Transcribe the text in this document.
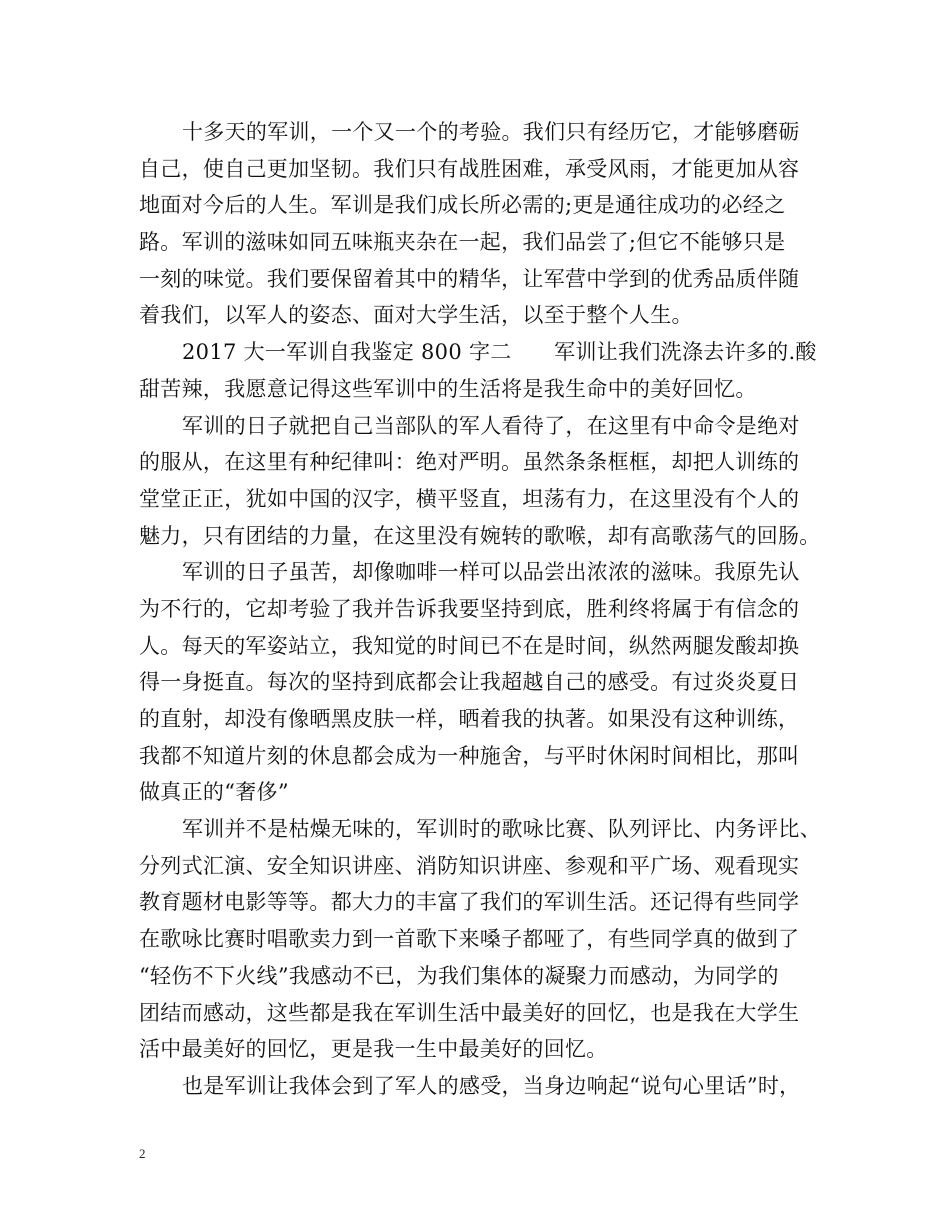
十多天的军训，一个又一个的考验。我们只有经历它，才能够磨砺
自己，使自己更加坚韧。我们只有战胜困难，承受风雨，才能更加从容
地面对今后的人生。军训是我们成长所必需的;更是通往成功的必经之
路。军训的滋味如同五味瓶夹杂在一起，我们品尝了;但它不能够只是
一刻的味觉。我们要保留着其中的精华，让军营中学到的优秀品质伴随
着我们，以军人的姿态、面对大学生活，以至于整个人生。
2017 大一军训自我鉴定 800 字二　　军训让我们洗涤去许多的.酸
甜苦辣，我愿意记得这些军训中的生活将是我生命中的美好回忆。
军训的日子就把自己当部队的军人看待了，在这里有中命令是绝对
的服从，在这里有种纪律叫：绝对严明。虽然条条框框，却把人训练的
堂堂正正，犹如中国的汉字，横平竖直，坦荡有力，在这里没有个人的
魅力，只有团结的力量，在这里没有婉转的歌喉，却有高歌荡气的回肠。
军训的日子虽苦，却像咖啡一样可以品尝出浓浓的滋味。我原先认
为不行的，它却考验了我并告诉我要坚持到底，胜利终将属于有信念的
人。每天的军姿站立，我知觉的时间已不在是时间，纵然两腿发酸却换
得一身挺直。每次的坚持到底都会让我超越自己的感受。有过炎炎夏日
的直射，却没有像晒黑皮肤一样，晒着我的执著。如果没有这种训练，
我都不知道片刻的休息都会成为一种施舍，与平时休闲时间相比，那叫
做真正的“奢侈”
军训并不是枯燥无味的，军训时的歌咏比赛、队列评比、内务评比、
分列式汇演、安全知识讲座、消防知识讲座、参观和平广场、观看现实
教育题材电影等等。都大力的丰富了我们的军训生活。还记得有些同学
在歌咏比赛时唱歌卖力到一首歌下来嗓子都哑了，有些同学真的做到了
“轻伤不下火线”我感动不已，为我们集体的凝聚力而感动，为同学的
团结而感动，这些都是我在军训生活中最美好的回忆，也是我在大学生
活中最美好的回忆，更是我一生中最美好的回忆。
也是军训让我体会到了军人的感受，当身边响起“说句心里话”时，
2
